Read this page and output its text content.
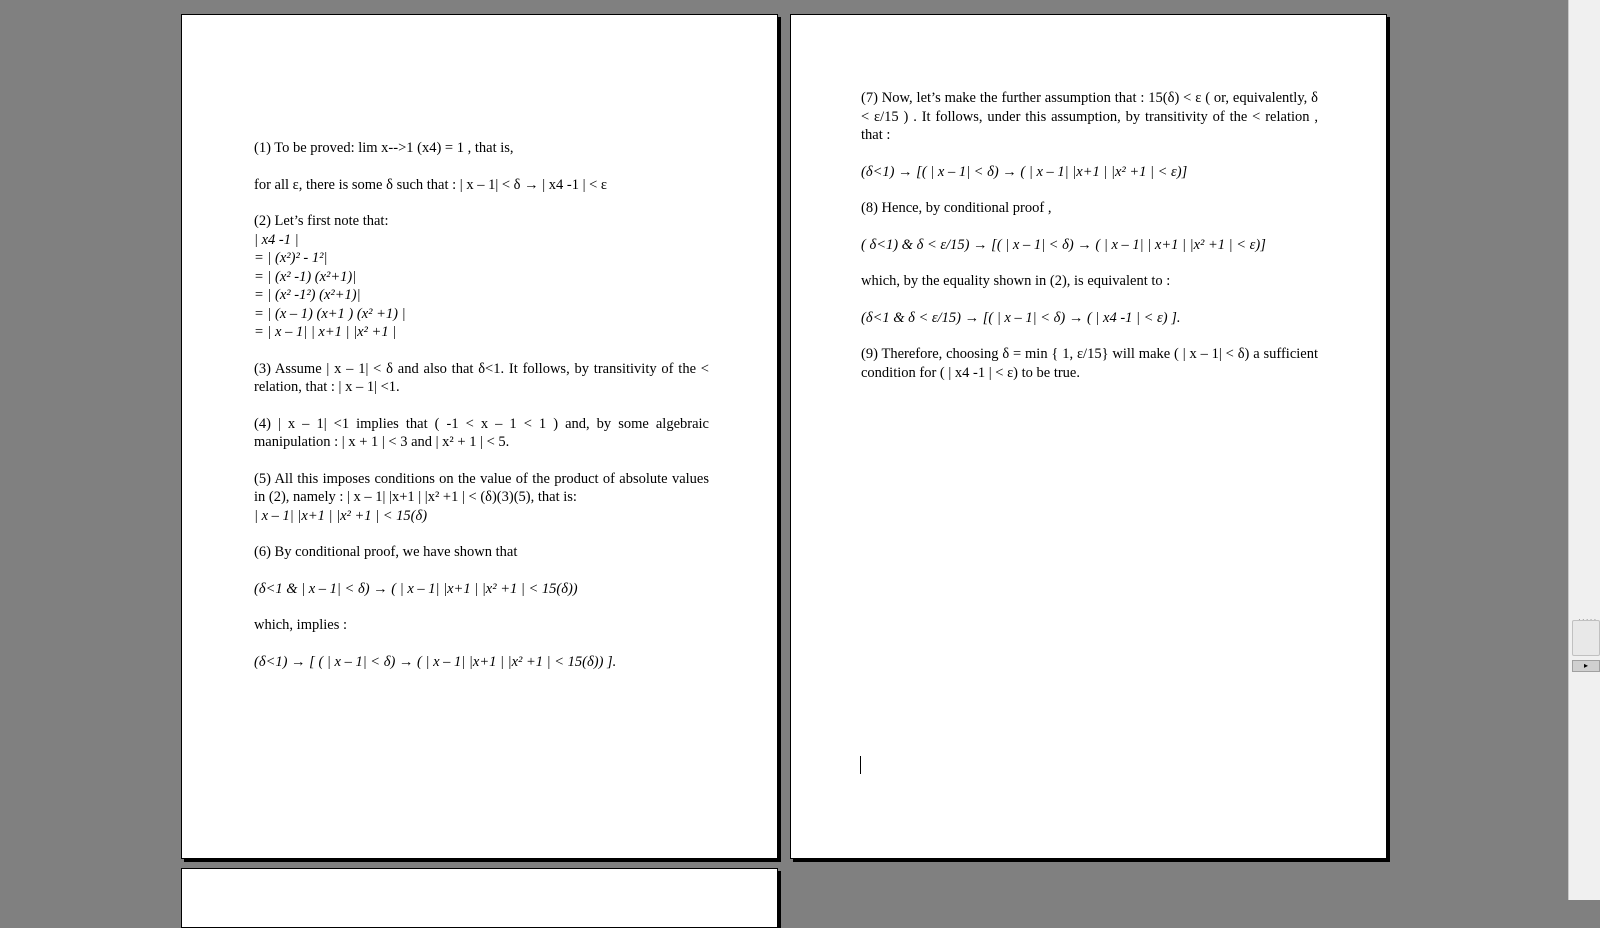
(1) To be proved: lim x-->1 (x4) = 1 , that is,
for all ε, there is some δ such that : | x – 1| < δ → | x4 -1 | < ε
(2) Let’s first note that:
| x4 -1 |
= | (x²)² - 1²|
= | (x² -1) (x²+1)|
= | (x² -1²) (x²+1)|
= | (x – 1) (x+1 ) (x² +1) |
= | x – 1| | x+1 | |x² +1 |
(3) Assume | x – 1| < δ and also that δ<1. It follows, by transitivity of the < relation, that : | x – 1| <1.
(4) | x – 1| <1 implies that ( -1 < x – 1 < 1 ) and, by some algebraic manipulation : | x + 1 | < 3 and | x² + 1 | < 5.
(5) All this imposes conditions on the value of the product of absolute values in (2), namely : | x – 1| |x+1 | |x² +1 | < (δ)(3)(5), that is:
| x – 1| |x+1 | |x² +1 | < 15(δ)
(6) By conditional proof, we have shown that
(δ<1 & | x – 1| < δ) → ( | x – 1| |x+1 | |x² +1 | < 15(δ))
which, implies :
(δ<1) → [ ( | x – 1| < δ) → ( | x – 1| |x+1 | |x² +1 | < 15(δ)) ].
(7) Now, let’s make the further assumption that : 15(δ) < ε ( or, equivalently, δ < ε/15 ) . It follows, under this assumption, by transitivity of the < relation , that :
(δ<1) → [( | x – 1| < δ) → ( | x – 1| |x+1 | |x² +1 | < ε)]
(8) Hence, by conditional proof ,
( δ<1) & δ < ε/15) → [( | x – 1| < δ) → ( | x – 1| | x+1 | |x² +1 | < ε)]
which, by the equality shown in (2), is equivalent to :
(δ<1 & δ < ε/15) → [( | x – 1| < δ) → ( | x4 -1 | < ε) ].
(9) Therefore, choosing δ = min { 1, ε/15} will make ( | x – 1| < δ) a sufficient condition for ( | x4 -1 | < ε) to be true.
▸
